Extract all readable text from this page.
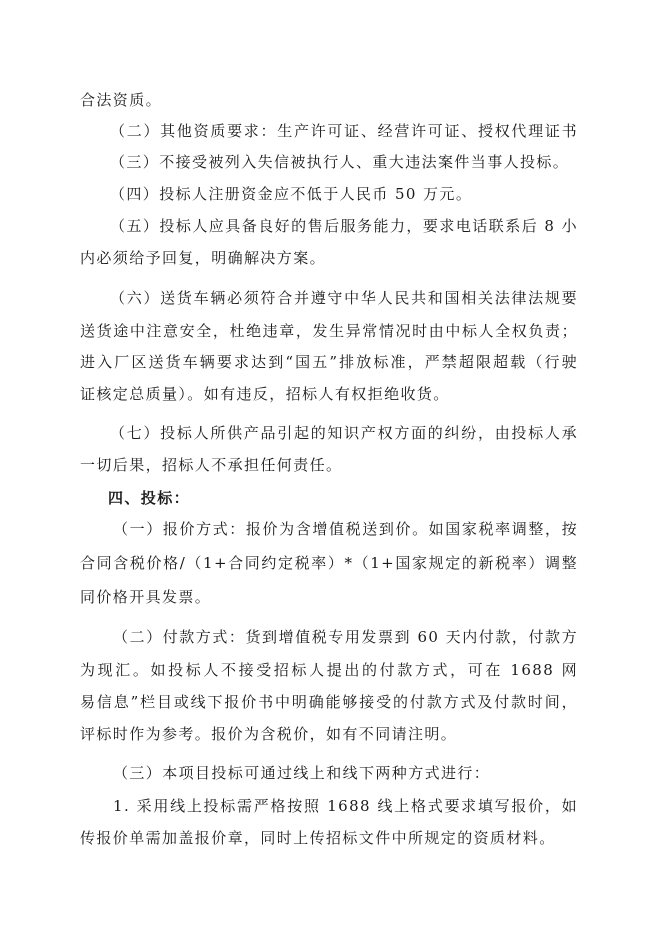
合法资质。
（二）其他资质要求：生产许可证、经营许可证、授权代理证书
（三）不接受被列入失信被执行人、重大违法案件当事人投标。
（四）投标人注册资金应不低于人民币 50 万元。
（五）投标人应具备良好的售后服务能力，要求电话联系后 8 小
内必须给予回复，明确解决方案。
（六）送货车辆必须符合并遵守中华人民共和国相关法律法规要
送货途中注意安全，杜绝违章，发生异常情况时由中标人全权负责；
进入厂区送货车辆要求达到“国五”排放标准，严禁超限超载（行驶
证核定总质量）。如有违反，招标人有权拒绝收货。
（七）投标人所供产品引起的知识产权方面的纠纷，由投标人承
一切后果，招标人不承担任何责任。
四、投标：
（一）报价方式：报价为含增值税送到价。如国家税率调整，按
合同含税价格/（1+合同约定税率）*（1+国家规定的新税率）调整
同价格开具发票。
（二）付款方式：货到增值税专用发票到 60 天内付款，付款方
为现汇。如投标人不接受招标人提出的付款方式，可在 1688 网
易信息”栏目或线下报价书中明确能够接受的付款方式及付款时间，
评标时作为参考。报价为含税价，如有不同请注明。
（三）本项目投标可通过线上和线下两种方式进行：
1. 采用线上投标需严格按照 1688 线上格式要求填写报价，如
传报价单需加盖报价章，同时上传招标文件中所规定的资质材料。
